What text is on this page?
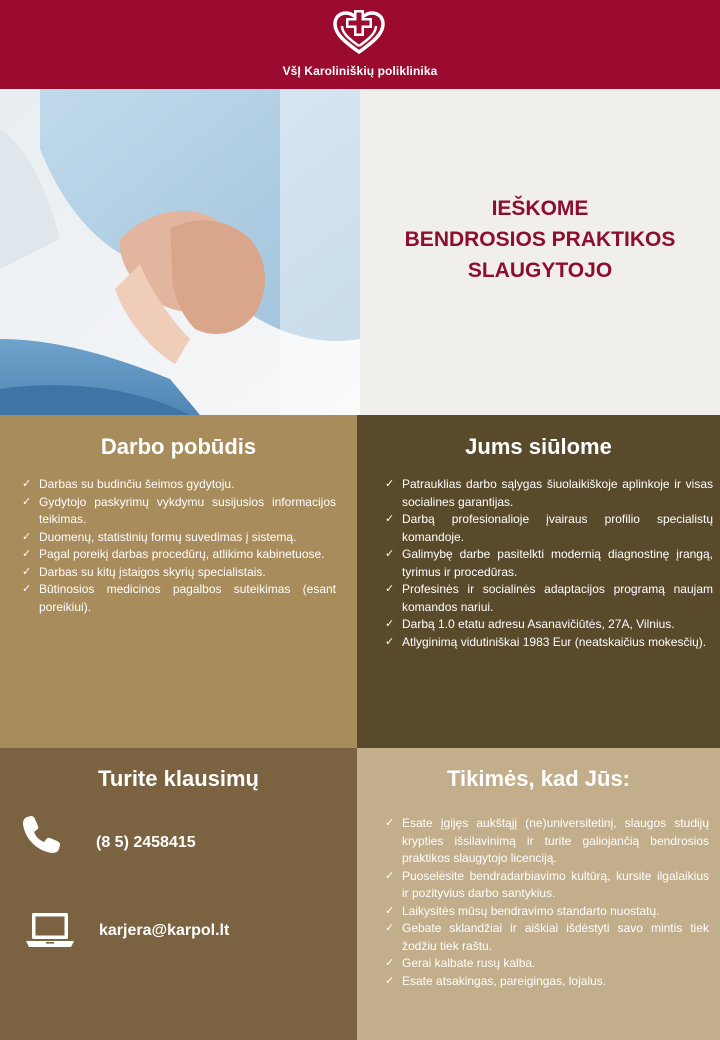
VšĮ Karoliniškių poliklinika
IEŠKOME
BENDROSIOS PRAKTIKOS
SLAUGYTOJO
Darbo pobūdis
✓ Darbas su budinčiu šeimos gydytoju.
✓ Gydytojo paskyrimų vykdymu susijusios informacijos teikimas.
✓ Duomenų, statistinių formų suvedimas į sistemą.
✓ Pagal poreikį darbas procedūrų, atlikimo kabinetuose.
✓ Darbas su kitų įstaigos skyrių specialistais.
✓ Būtinosios medicinos pagalbos suteikimas (esant poreikiui).
Jums siūlome
✓ Patrauklias darbo sąlygas šiuolaikiškoje aplinkoje ir visas socialines garantijas.
✓ Darbą profesionalioje įvairaus profilio specialistų komandoje.
✓ Galimybę darbe pasitelkti modernią diagnostinę įrangą, tyrimus ir procedūras.
✓ Profesinės ir socialinės adaptacijos programą naujam komandos nariui.
✓ Darbą 1.0 etatu adresu Asanavičiūtės, 27A, Vilnius.
✓ Atlyginimą vidutiniškai 1983 Eur (neatskaičius mokesčių).
Turite klausimų
(8 5) 2458415
karjera@karpol.lt
Tikimės, kad Jūs:
✓ Esate įgijęs aukštąjį (ne)universitetinį, slaugos studijų krypties išsilavinimą ir turite galiojančią bendrosios praktikos slaugytojo licenciją.
✓ Puoselėsite bendradarbiavimo kultūrą, kursite ilgalaikius ir pozityvius darbo santykius.
✓ Laikysitės mūsų bendravimo standarto nuostatų.
✓ Gebate sklandžiai ir aiškiai išdėstyti savo mintis tiek žodžiu tiek raštu.
✓ Gerai kalbate rusų kalba.
✓ Esate atsakingas, pareigingas, lojalus.
